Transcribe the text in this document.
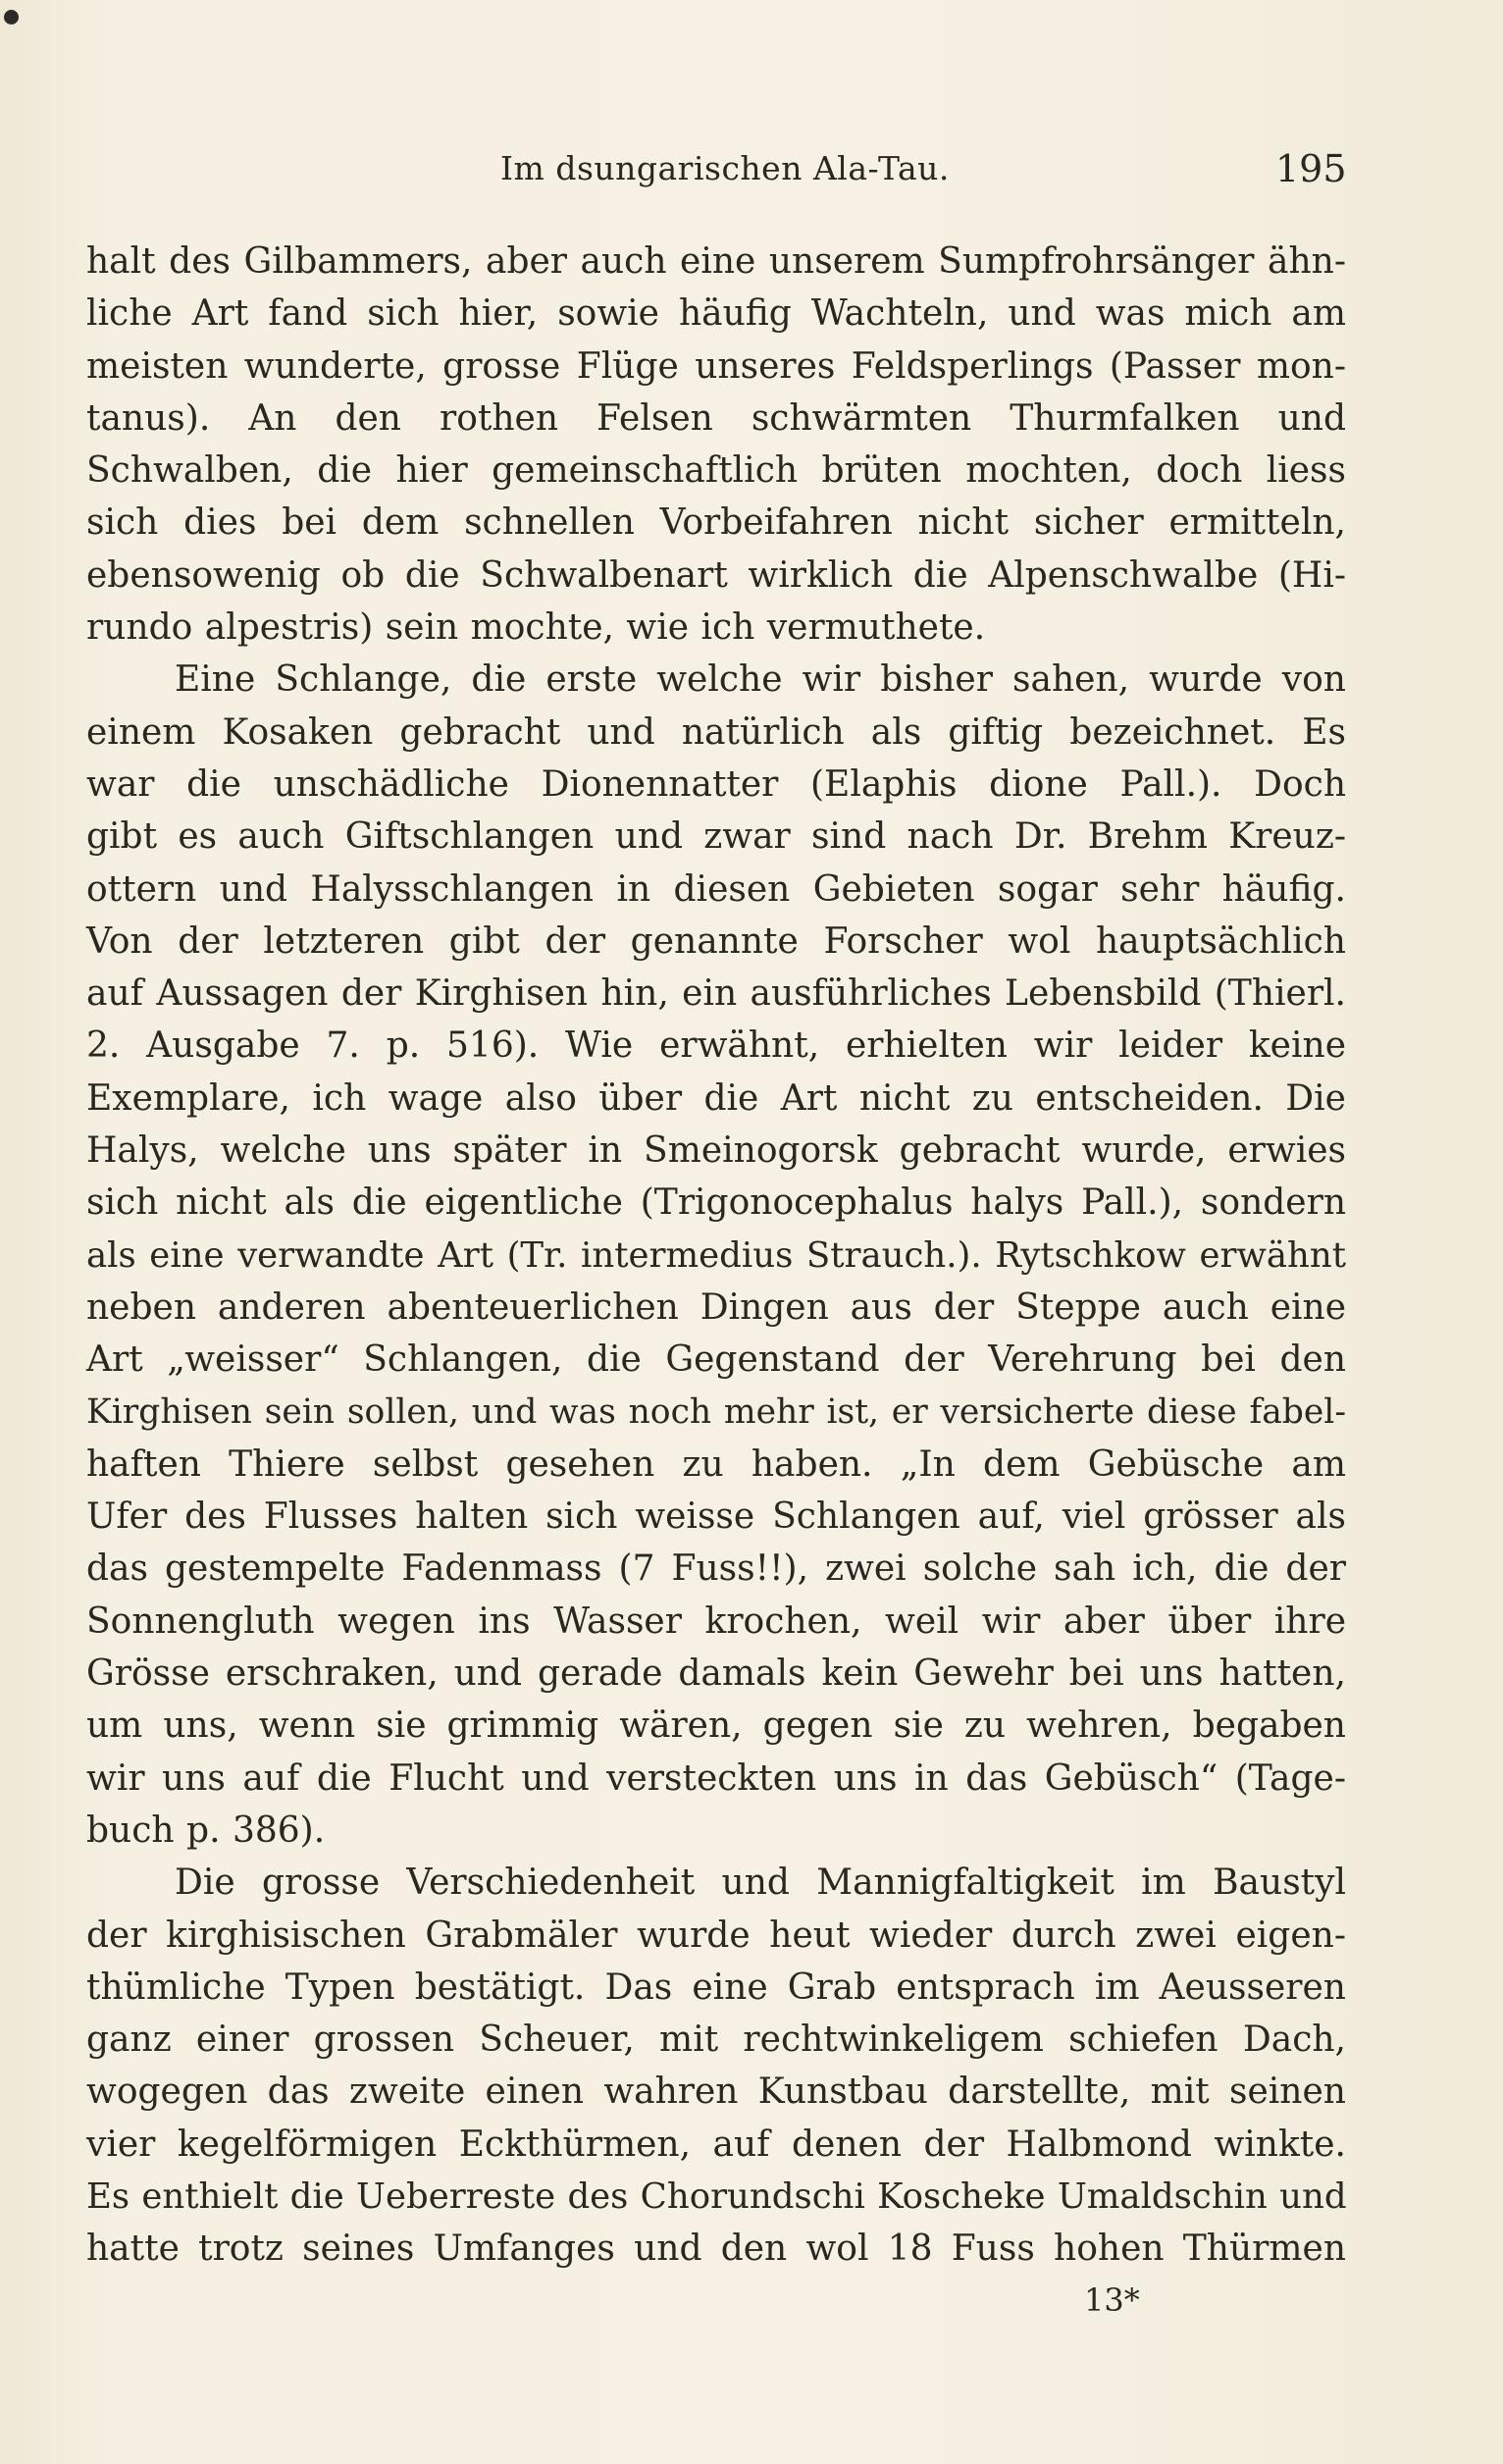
Im dsungarischen Ala-Tau.	195
halt des Gilbammers, aber auch eine unserem Sumpfrohrsänger ähn-
liche Art fand sich hier, sowie häufig Wachteln, und was mich am
meisten wunderte, grosse Flüge unseres Feldsperlings (Passer mon-
tanus). An den rothen Felsen schwärmten Thurmfalken und
Schwalben, die hier gemeinschaftlich brüten mochten, doch liess
sich dies bei dem schnellen Vorbeifahren nicht sicher ermitteln,
ebensowenig ob die Schwalbenart wirklich die Alpenschwalbe (Hi-
rundo alpestris) sein mochte, wie ich vermuthete.
Eine Schlange, die erste welche wir bisher sahen, wurde von
einem Kosaken gebracht und natürlich als giftig bezeichnet. Es
war die unschädliche Dionennatter (Elaphis dione Pall.). Doch
gibt es auch Giftschlangen und zwar sind nach Dr. Brehm Kreuz-
ottern und Halysschlangen in diesen Gebieten sogar sehr häufig.
Von der letzteren gibt der genannte Forscher wol hauptsächlich
auf Aussagen der Kirghisen hin, ein ausführliches Lebensbild (Thierl.
2. Ausgabe 7. p. 516). Wie erwähnt, erhielten wir leider keine
Exemplare, ich wage also über die Art nicht zu entscheiden. Die
Halys, welche uns später in Smeinogorsk gebracht wurde, erwies
sich nicht als die eigentliche (Trigonocephalus halys Pall.), sondern
als eine verwandte Art (Tr. intermedius Strauch.). Rytschkow erwähnt
neben anderen abenteuerlichen Dingen aus der Steppe auch eine
Art „weisser“ Schlangen, die Gegenstand der Verehrung bei den
Kirghisen sein sollen, und was noch mehr ist, er versicherte diese fabel-
haften Thiere selbst gesehen zu haben. „In dem Gebüsche am
Ufer des Flusses halten sich weisse Schlangen auf, viel grösser als
das gestempelte Fadenmass (7 Fuss!!), zwei solche sah ich, die der
Sonnengluth wegen ins Wasser krochen, weil wir aber über ihre
Grösse erschraken, und gerade damals kein Gewehr bei uns hatten,
um uns, wenn sie grimmig wären, gegen sie zu wehren, begaben
wir uns auf die Flucht und versteckten uns in das Gebüsch“ (Tage-
buch p. 386).
Die grosse Verschiedenheit und Mannigfaltigkeit im Baustyl
der kirghisischen Grabmäler wurde heut wieder durch zwei eigen-
thümliche Typen bestätigt. Das eine Grab entsprach im Aeusseren
ganz einer grossen Scheuer, mit rechtwinkeligem schiefen Dach,
wogegen das zweite einen wahren Kunstbau darstellte, mit seinen
vier kegelförmigen Eckthürmen, auf denen der Halbmond winkte.
Es enthielt die Ueberreste des Chorundschi Koscheke Umaldschin und
hatte trotz seines Umfanges und den wol 18 Fuss hohen Thürmen
13*
